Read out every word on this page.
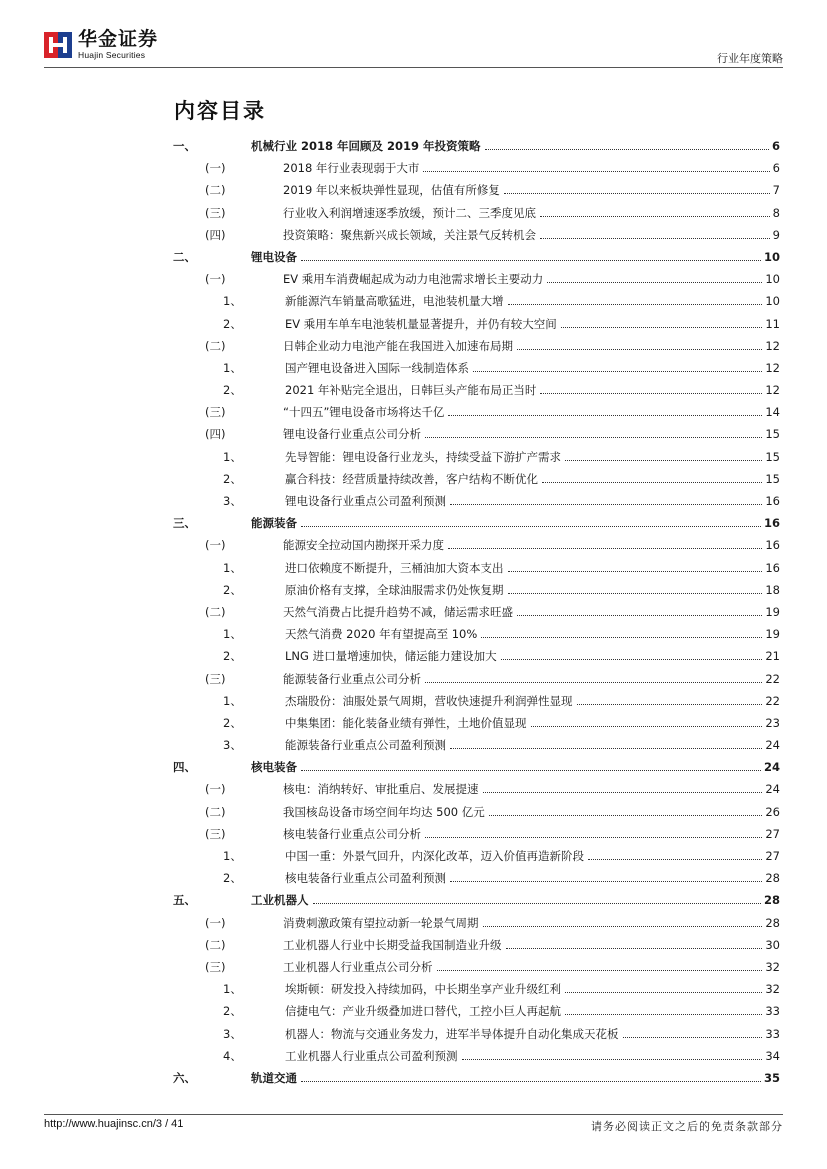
华金证券
Huajin Securities	行业年度策略
内容目录
一、	机械行业 2018 年回顾及 2019 年投资策略	6
(一)	2018 年行业表现弱于大市	6
(二)	2019 年以来板块弹性显现，估值有所修复	7
(三)	行业收入利润增速逐季放缓，预计二、三季度见底	8
(四)	投资策略：聚焦新兴成长领域，关注景气反转机会	9
二、	锂电设备	10
(一)	EV 乘用车消费崛起成为动力电池需求增长主要动力	10
1、	新能源汽车销量高歌猛进，电池装机量大增	10
2、	EV 乘用车单车电池装机量显著提升，并仍有较大空间	11
(二)	日韩企业动力电池产能在我国进入加速布局期	12
1、	国产锂电设备进入国际一线制造体系	12
2、	2021 年补贴完全退出，日韩巨头产能布局正当时	12
(三)	“十四五”锂电设备市场将达千亿	14
(四)	锂电设备行业重点公司分析	15
1、	先导智能：锂电设备行业龙头，持续受益下游扩产需求	15
2、	赢合科技：经营质量持续改善，客户结构不断优化	15
3、	锂电设备行业重点公司盈利预测	16
三、	能源装备	16
(一)	能源安全拉动国内勘探开采力度	16
1、	进口依赖度不断提升，三桶油加大资本支出	16
2、	原油价格有支撑，全球油服需求仍处恢复期	18
(二)	天然气消费占比提升趋势不减，储运需求旺盛	19
1、	天然气消费 2020 年有望提高至 10%	19
2、	LNG 进口量增速加快，储运能力建设加大	21
(三)	能源装备行业重点公司分析	22
1、	杰瑞股份：油服处景气周期，营收快速提升利润弹性显现	22
2、	中集集团：能化装备业绩有弹性，土地价值显现	23
3、	能源装备行业重点公司盈利预测	24
四、	核电装备	24
(一)	核电：消纳转好、审批重启、发展提速	24
(二)	我国核岛设备市场空间年均达 500 亿元	26
(三)	核电装备行业重点公司分析	27
1、	中国一重：外景气回升，内深化改革，迈入价值再造新阶段	27
2、	核电装备行业重点公司盈利预测	28
五、	工业机器人	28
(一)	消费刺激政策有望拉动新一轮景气周期	28
(二)	工业机器人行业中长期受益我国制造业升级	30
(三)	工业机器人行业重点公司分析	32
1、	埃斯顿：研发投入持续加码，中长期坐享产业升级红利	32
2、	信捷电气：产业升级叠加进口替代，工控小巨人再起航	33
3、	机器人：物流与交通业务发力，进军半导体提升自动化集成天花板	33
4、	工业机器人行业重点公司盈利预测	34
六、	轨道交通	35
http://www.huajinsc.cn/3 / 41	请务必阅读正文之后的免责条款部分
